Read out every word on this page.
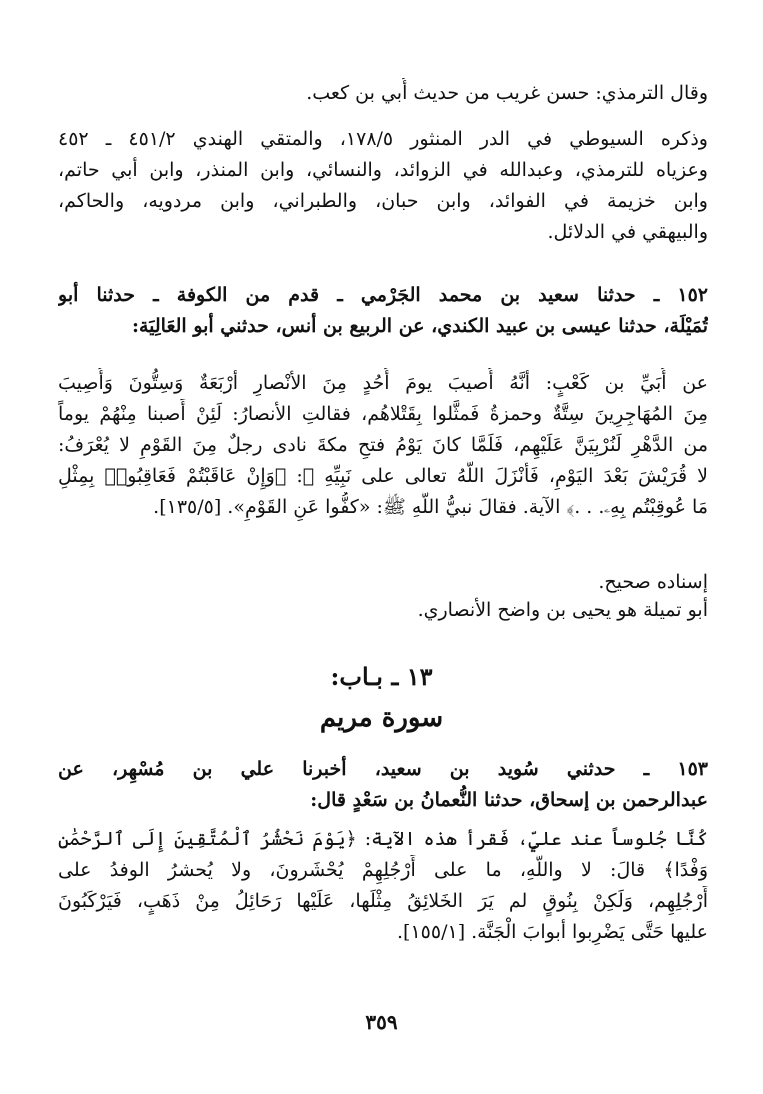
وقال الترمذي: حسن غريب من حديث أُبي بن كعب.
وذكره السيوطي في الدر المنثور ١٧٨/٥، والمتقي الهندي ٤٥١/٢ ـ ٤٥٢
وعزياه للترمذي، وعبدالله في الزوائد، والنسائي، وابن المنذر، وابن أبي حاتم،
وابن خزيمة في الفوائد، وابن حبان، والطبراني، وابن مردويه، والحاكم،
والبيهقي في الدلائل.
١٥٢ ـ حدثنا سعيد بن محمد الجَرْمي ـ قدم من الكوفة ـ حدثنا أبو
تُمَيْلَة، حدثنا عيسى بن عبيد الكندي، عن الربيع بن أنس، حدثني أبو العَالِيَة:
عن أُبَيِّ بن كَعْبٍ: أنَّهُ أُصيبَ يومَ أُحُدٍ مِنَ الأنْصارِ أرْبَعَةٌ وَسِتُّونَ وَأُصِيبَ
مِنَ المُهَاجِرِينَ سِتَّةٌ وحمزةُ فَمثَّلوا بِقَتْلاهُم، فقالتِ الأنصارُ: لَئِنْ أَصبنا مِنْهُمْ يوماً
من الدَّهْرِ لَنُرْبِيَنَّ عَلَيْهِم، فَلَمَّا كانَ يَوْمُ فتحِ مكةَ نادى رجلٌ مِنَ القَوْمِ لا يُعْرَفُ:
لا قُرَيْشَ بَعْدَ اليَوْمِ، فَأَنْزَلَ اللَّهُ تعالى على نَبِيِّهِ ﷺ: ﴿وَإِنْ عَاقَبْتُمْ فَعَاقِبُوا۟ بِمِثْلِ
مَا عُوقِبْتُم بِهِۦ. . .﴾ الآية. فقالَ نبيُّ اللَّهِ ﷺ: «كفُّوا عَنِ القَوْمِ». [١٣٥/٥].
إسناده صحيح.
أبو تميلة هو يحيى بن واضح الأنصاري.
١٣ ـ بـاب:
سورة مريم
١٥٣ ـ حدثني سُويد بن سعيد، أخبرنا علي بن مُسْهِر، عن
عبدالرحمن بن إسحاق، حدثنا النُّعمانُ بن سَعْدٍ قال:
كُنَّا جُلوساً عند عليٍّ، فَقرأ هذه الآية: ﴿يَوْمَ نَحْشُرُ ٱلْمُتَّقِينَ إِلَى ٱلرَّحْمَٰنِ
وَفْدًا﴾ قالَ: لا واللَّهِ، ما على أَرْجُلِهِمْ يُحْشَرونَ، ولا يُحشرُ الوفدُ على
أَرْجُلِهِم، وَلَكِنْ بِنُوقٍ لم يَرَ الخَلائِقُ مِثْلَها، عَلَيْها رَحَائِلُ مِنْ ذَهَبٍ، فَيَرْكَبُونَ
عليها حَتَّى يَضْرِبوا أبوابَ الْجَنَّة. [١٥٥/١].
٣٥٩
